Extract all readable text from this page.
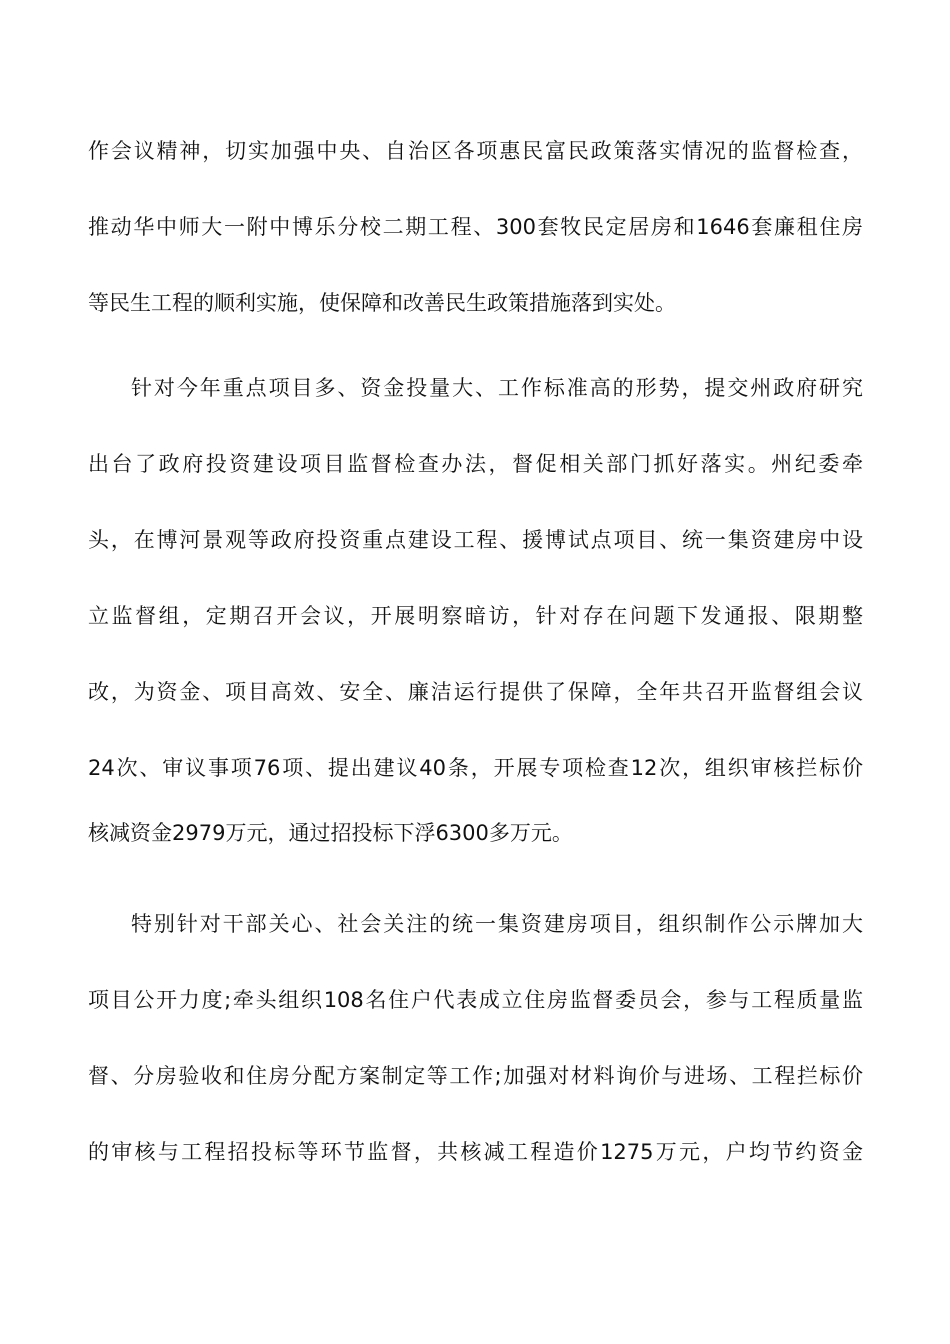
作会议精神，切实加强中央、自治区各项惠民富民政策落实情况的监督检查，
推动华中师大一附中博乐分校二期工程、300套牧民定居房和1646套廉租住房
等民生工程的顺利实施，使保障和改善民生政策措施落到实处。
针对今年重点项目多、资金投量大、工作标准高的形势，提交州政府研究
出台了政府投资建设项目监督检查办法，督促相关部门抓好落实。州纪委牵
头，在博河景观等政府投资重点建设工程、援博试点项目、统一集资建房中设
立监督组，定期召开会议，开展明察暗访，针对存在问题下发通报、限期整
改，为资金、项目高效、安全、廉洁运行提供了保障，全年共召开监督组会议
24次、审议事项76项、提出建议40条，开展专项检查12次，组织审核拦标价
核减资金2979万元，通过招投标下浮6300多万元。
特别针对干部关心、社会关注的统一集资建房项目，组织制作公示牌加大
项目公开力度;牵头组织108名住户代表成立住房监督委员会，参与工程质量监
督、分房验收和住房分配方案制定等工作;加强对材料询价与进场、工程拦标价
的审核与工程招投标等环节监督，共核减工程造价1275万元，户均节约资金
